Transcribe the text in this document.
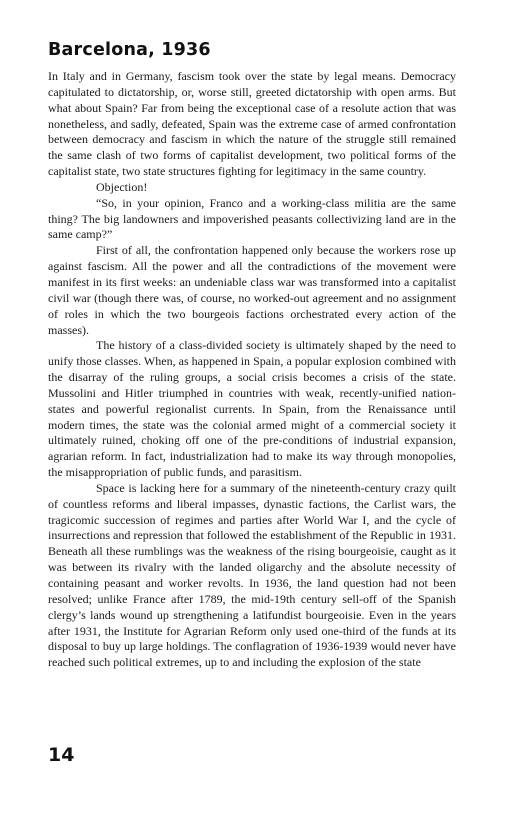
Barcelona, 1936

In Italy and in Germany, fascism took over the state by legal means. Democracy capitulated to dictatorship, or, worse still, greeted dictatorship with open arms. But what about Spain? Far from being the exceptional case of a resolute action that was nonetheless, and sadly, defeated, Spain was the extreme case of armed confrontation between democracy and fascism in which the nature of the struggle still remained the same clash of two forms of capitalist development, two political forms of the capitalist state, two state structures fighting for legitimacy in the same country.

Objection!

“So, in your opinion, Franco and a working-class militia are the same thing? The big landowners and impoverished peasants collectivizing land are in the same camp?”

First of all, the confrontation happened only because the workers rose up against fascism. All the power and all the contradictions of the movement were manifest in its first weeks: an undeniable class war was transformed into a capitalist civil war (though there was, of course, no worked-out agreement and no assignment of roles in which the two bourgeois factions orchestrated every action of the masses).

The history of a class-divided society is ultimately shaped by the need to unify those classes. When, as happened in Spain, a popular explosion combined with the disarray of the ruling groups, a social crisis becomes a crisis of the state. Mussolini and Hitler triumphed in countries with weak, recently-unified nation-states and powerful regionalist currents. In Spain, from the Renaissance until modern times, the state was the colonial armed might of a commercial society it ultimately ruined, choking off one of the pre-conditions of industrial expansion, agrarian reform. In fact, industrialization had to make its way through monopolies, the misappropriation of public funds, and parasitism.

Space is lacking here for a summary of the nineteenth-century crazy quilt of countless reforms and liberal impasses, dynastic factions, the Carlist wars, the tragicomic succession of regimes and parties after World War I, and the cycle of insurrections and repression that followed the establishment of the Republic in 1931. Beneath all these rumblings was the weakness of the rising bourgeoisie, caught as it was between its rivalry with the landed oligarchy and the absolute necessity of containing peasant and worker revolts. In 1936, the land question had not been resolved; unlike France after 1789, the mid-19th century sell-off of the Spanish clergy’s lands wound up strengthening a latifundist bourgeoisie. Even in the years after 1931, the Institute for Agrarian Reform only used one-third of the funds at its disposal to buy up large holdings. The conflagration of 1936-1939 would never have reached such political extremes, up to and including the explosion of the state

14
